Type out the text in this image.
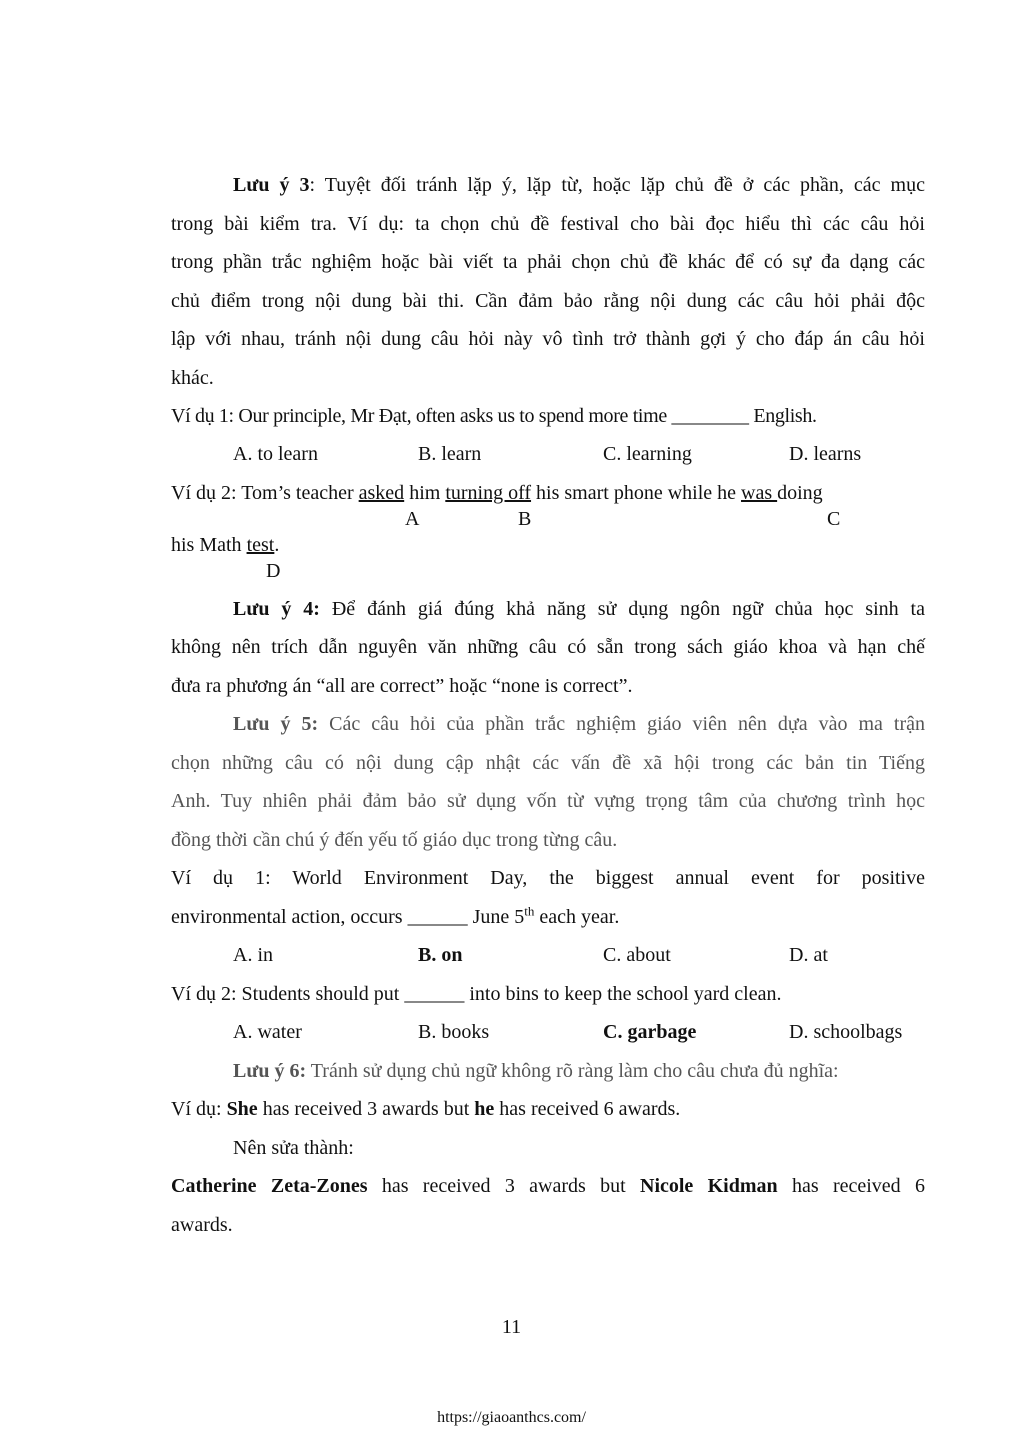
Lưu ý 3: Tuyệt đối tránh lặp ý, lặp từ, hoặc lặp chủ đề ở các phần, các mục
trong bài kiểm tra. Ví dụ: ta chọn chủ đề festival cho bài đọc hiểu thì các câu hỏi
trong phần trắc nghiệm hoặc bài viết ta phải chọn chủ đề khác để có sự đa dạng các
chủ điểm trong nội dung bài thi. Cần đảm bảo rằng nội dung các câu hỏi phải độc
lập với nhau, tránh nội dung câu hỏi này vô tình trở thành gợi ý cho đáp án câu hỏi
khác.
Ví dụ 1: Our principle, Mr Đạt, often asks us to spend more time ________ English.
A. to learn	B. learn	C. learning	D. learns
Ví dụ 2: Tom’s teacher asked him turning off his smart phone while he was doing
A	B	C
his Math test.
D
Lưu ý 4: Để đánh giá đúng khả năng sử dụng ngôn ngữ chủa học sinh ta
không nên trích dẫn nguyên văn những câu có sẵn trong sách giáo khoa và hạn chế
đưa ra phương án “all are correct” hoặc “none is correct”.
Lưu ý 5: Các câu hỏi của phần trắc nghiệm giáo viên nên dựa vào ma trận
chọn những câu có nội dung cập nhật các vấn đề xã hội trong các bản tin Tiếng
Anh. Tuy nhiên phải đảm bảo sử dụng vốn từ vựng trọng tâm của chương trình học
đồng thời cần chú ý đến yếu tố giáo dục trong từng câu.
Ví dụ 1: World Environment Day, the biggest annual event for positive
environmental action, occurs ______ June 5th each year.
A. in	B. on	C. about	D. at
Ví dụ 2: Students should put ______ into bins to keep the school yard clean.
A. water	B. books	C. garbage	D. schoolbags
Lưu ý 6: Tránh sử dụng chủ ngữ không rõ ràng làm cho câu chưa đủ nghĩa:
Ví dụ: She has received 3 awards but he has received 6 awards.
Nên sửa thành:
Catherine Zeta-Zones has received 3 awards but Nicole Kidman has received 6
awards.
11
https://giaoanthcs.com/
